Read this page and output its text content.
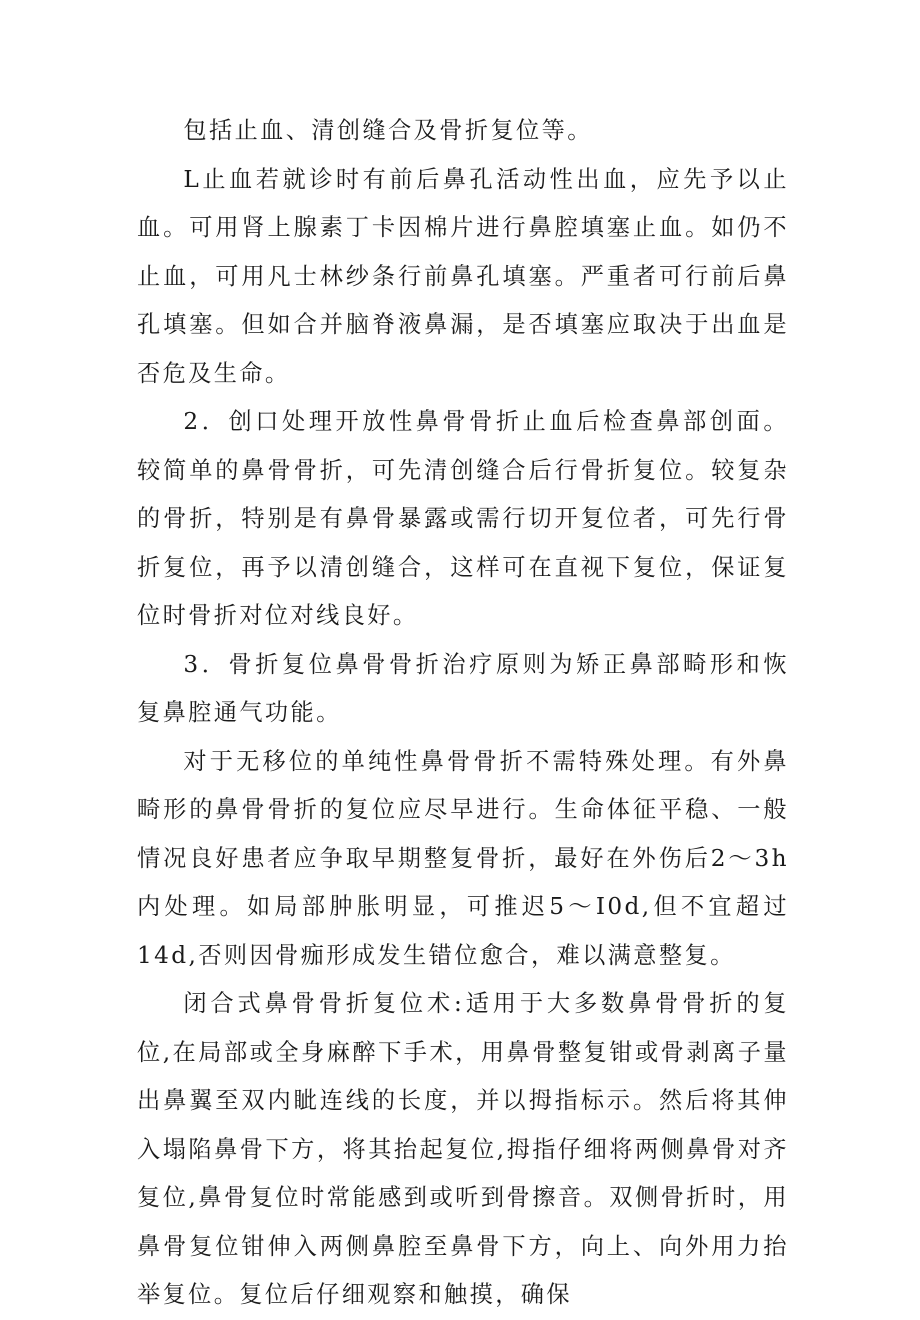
包括止血、清创缝合及骨折复位等。

L止血若就诊时有前后鼻孔活动性出血，应先予以止血。可用肾上腺素丁卡因棉片进行鼻腔填塞止血。如仍不止血，可用凡士林纱条行前鼻孔填塞。严重者可行前后鼻孔填塞。但如合并脑脊液鼻漏，是否填塞应取决于出血是否危及生命。

2．创口处理开放性鼻骨骨折止血后检查鼻部创面。较简单的鼻骨骨折，可先清创缝合后行骨折复位。较复杂的骨折，特别是有鼻骨暴露或需行切开复位者，可先行骨折复位，再予以清创缝合，这样可在直视下复位，保证复位时骨折对位对线良好。

3．骨折复位鼻骨骨折治疗原则为矫正鼻部畸形和恢复鼻腔通气功能。

对于无移位的单纯性鼻骨骨折不需特殊处理。有外鼻畸形的鼻骨骨折的复位应尽早进行。生命体征平稳、一般情况良好患者应争取早期整复骨折，最好在外伤后2～3h内处理。如局部肿胀明显，可推迟5～I0d,但不宜超过14d,否则因骨痂形成发生错位愈合，难以满意整复。

闭合式鼻骨骨折复位术:适用于大多数鼻骨骨折的复位,在局部或全身麻醉下手术，用鼻骨整复钳或骨剥离子量出鼻翼至双内眦连线的长度，并以拇指标示。然后将其伸入塌陷鼻骨下方，将其抬起复位,拇指仔细将两侧鼻骨对齐复位,鼻骨复位时常能感到或听到骨擦音。双侧骨折时，用鼻骨复位钳伸入两侧鼻腔至鼻骨下方，向上、向外用力抬举复位。复位后仔细观察和触摸，确保
